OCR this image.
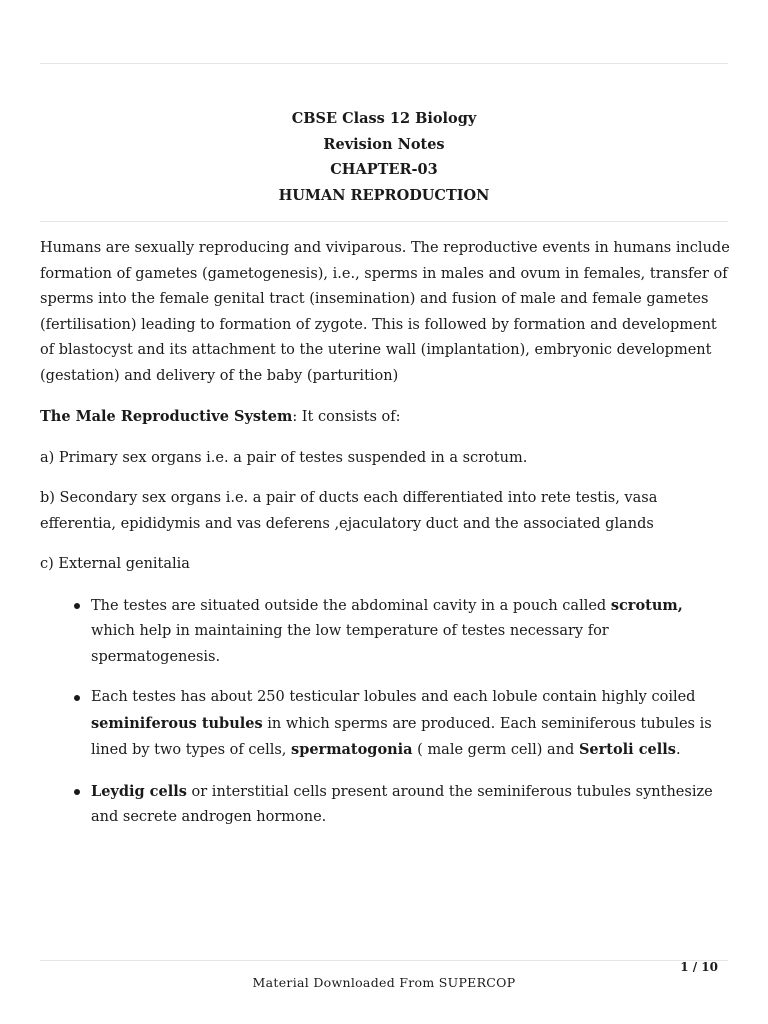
CBSE Class 12 Biology
Revision Notes
CHAPTER-03
HUMAN REPRODUCTION

Humans are sexually reproducing and viviparous. The reproductive events in humans include formation of gametes (gametogenesis), i.e., sperms in males and ovum in females, transfer of sperms into the female genital tract (insemination) and fusion of male and female gametes (fertilisation) leading to formation of zygote. This is followed by formation and development of blastocyst and its attachment to the uterine wall (implantation), embryonic development (gestation) and delivery of the baby (parturition)

The Male Reproductive System: It consists of:

a) Primary sex organs i.e. a pair of testes suspended in a scrotum.

b) Secondary sex organs i.e. a pair of ducts each differentiated into rete testis, vasa efferentia, epididymis and vas deferens ,ejaculatory duct and the associated glands

c) External genitalia

The testes are situated outside the abdominal cavity in a pouch called scrotum, which help in maintaining the low temperature of testes necessary for spermatogenesis.
Each testes has about 250 testicular lobules and each lobule contain highly coiled seminiferous tubules in which sperms are produced. Each seminiferous tubules is lined by two types of cells, spermatogonia ( male germ cell) and Sertoli cells.
Leydig cells or interstitial cells present around the seminiferous tubules synthesize and secrete androgen hormone.
1 / 10
Material Downloaded From SUPERCOP
